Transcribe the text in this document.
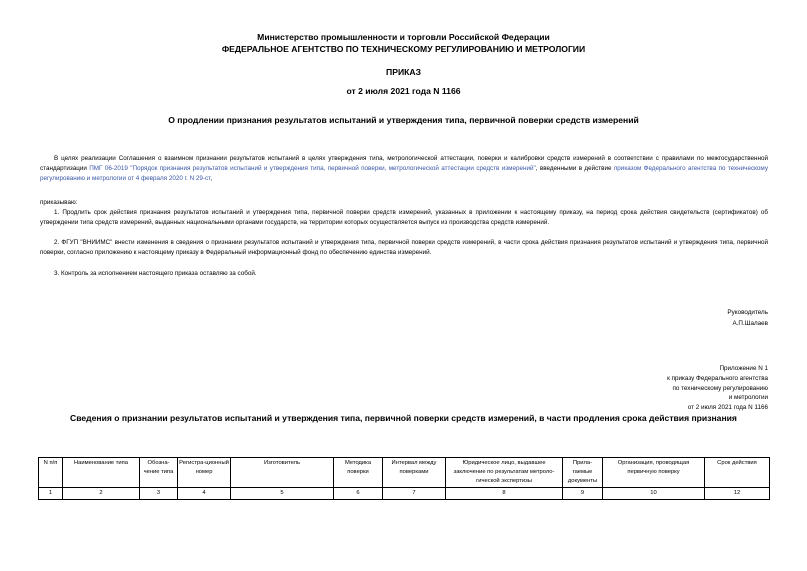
Министерство промышленности и торговли Российской Федерации
ФЕДЕРАЛЬНОЕ АГЕНТСТВО ПО ТЕХНИЧЕСКОМУ РЕГУЛИРОВАНИЮ И МЕТРОЛОГИИ
ПРИКАЗ
от 2 июля 2021 года N 1166
О продлении признания результатов испытаний и утверждения типа, первичной поверки средств измерений
В целях реализации Соглашения о взаимном признании результатов испытаний в целях утверждения типа, метрологической аттестации, поверки и калибровки средств измерений в соответствии с правилами по межгосударственной стандартизации ПМГ 06-2019 "Порядок признания результатов испытаний и утверждения типа, первичной поверки, метрологической аттестации средств измерений", введенными в действие приказом Федерального агентства по техническому регулированию и метрологии от 4 февраля 2020 г. N 29-ст,
приказываю:
1. Продлить срок действия признания результатов испытаний и утверждения типа, первичной поверки средств измерений, указанных в приложении к настоящему приказу, на период срока действия свидетельств (сертификатов) об утверждении типа средств измерений, выданных национальными органами государств, на территории которых осуществляется выпуск из производства средств измерений.
2. ФГУП "ВНИИМС" внести изменения в сведения о признании результатов испытаний и утверждения типа, первичной поверки средств измерений, в части срока действия признания результатов испытаний и утверждения типа, первичной поверки, согласно приложению к настоящему приказу в Федеральный информационный фонд по обеспечению единства измерений.
3. Контроль за исполнением настоящего приказа оставляю за собой.
Руководитель
А.П.Шалаев
Приложение N 1
к приказу Федерального агентства
по техническому регулированию
и метрологии
от 2 июля 2021 года N 1166
Сведения о признании результатов испытаний и утверждения типа, первичной поверки средств измерений, в части продления срока действия признания
N п/п	Наименование типа	Обозна-чение типа	Регистра-ционный номер	Изготовитель	Методика поверки	Интервал между поверками	Юридическое лицо, выдавшее заключение по результатам метроло-гической экспертизы	Прила-гаемые документы	Организация, проводящая первичную поверку	Срок действия
1	2	3	4	5	6	7	8	9	10	12
